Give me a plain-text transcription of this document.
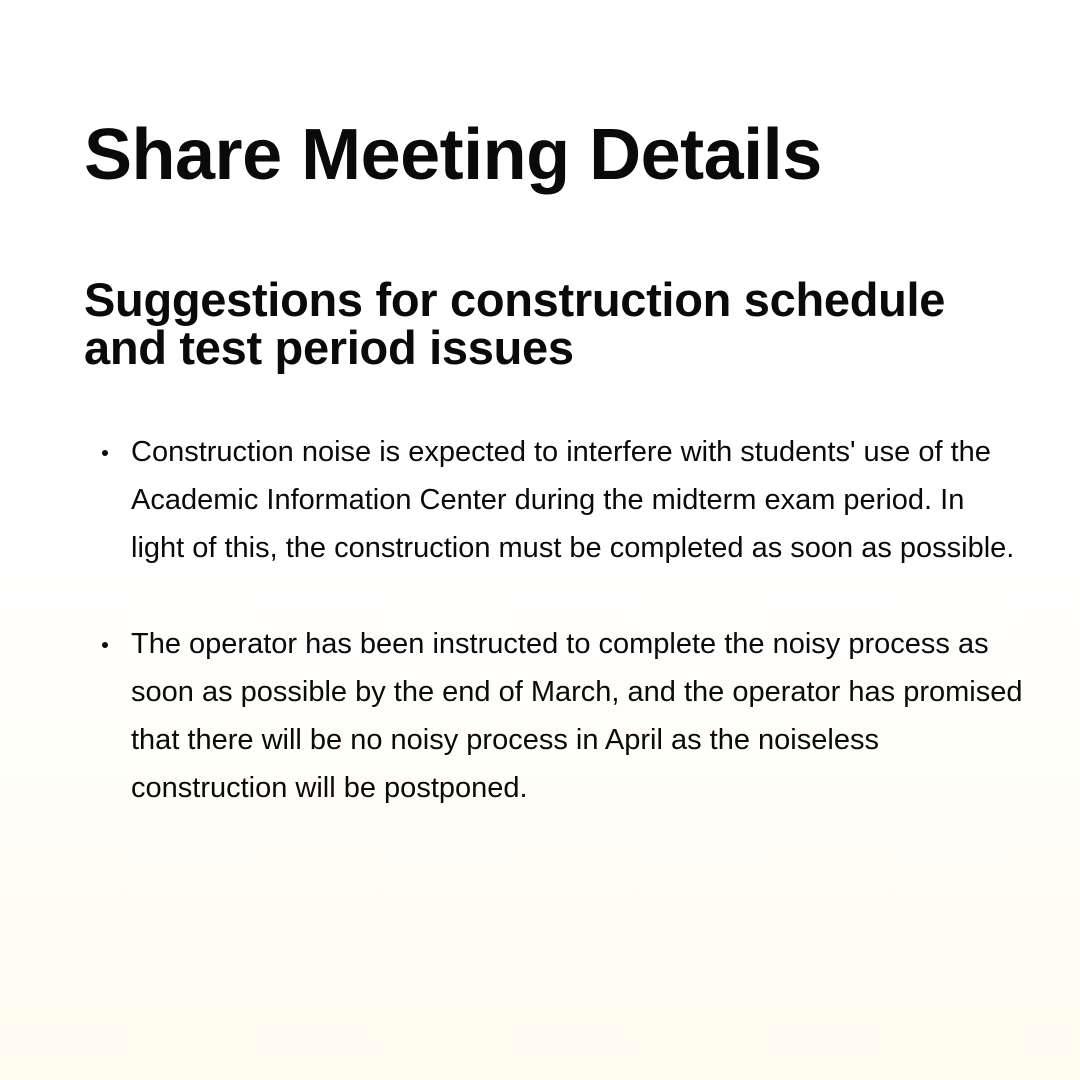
Share Meeting Details
Suggestions for construction schedule and test period issues
Construction noise is expected to interfere with students' use of the Academic Information Center during the midterm exam period. In light of this, the construction must be completed as soon as possible.
The operator has been instructed to complete the noisy process as soon as possible by the end of March, and the operator has promised that there will be no noisy process in April as the noiseless construction will be postponed.
